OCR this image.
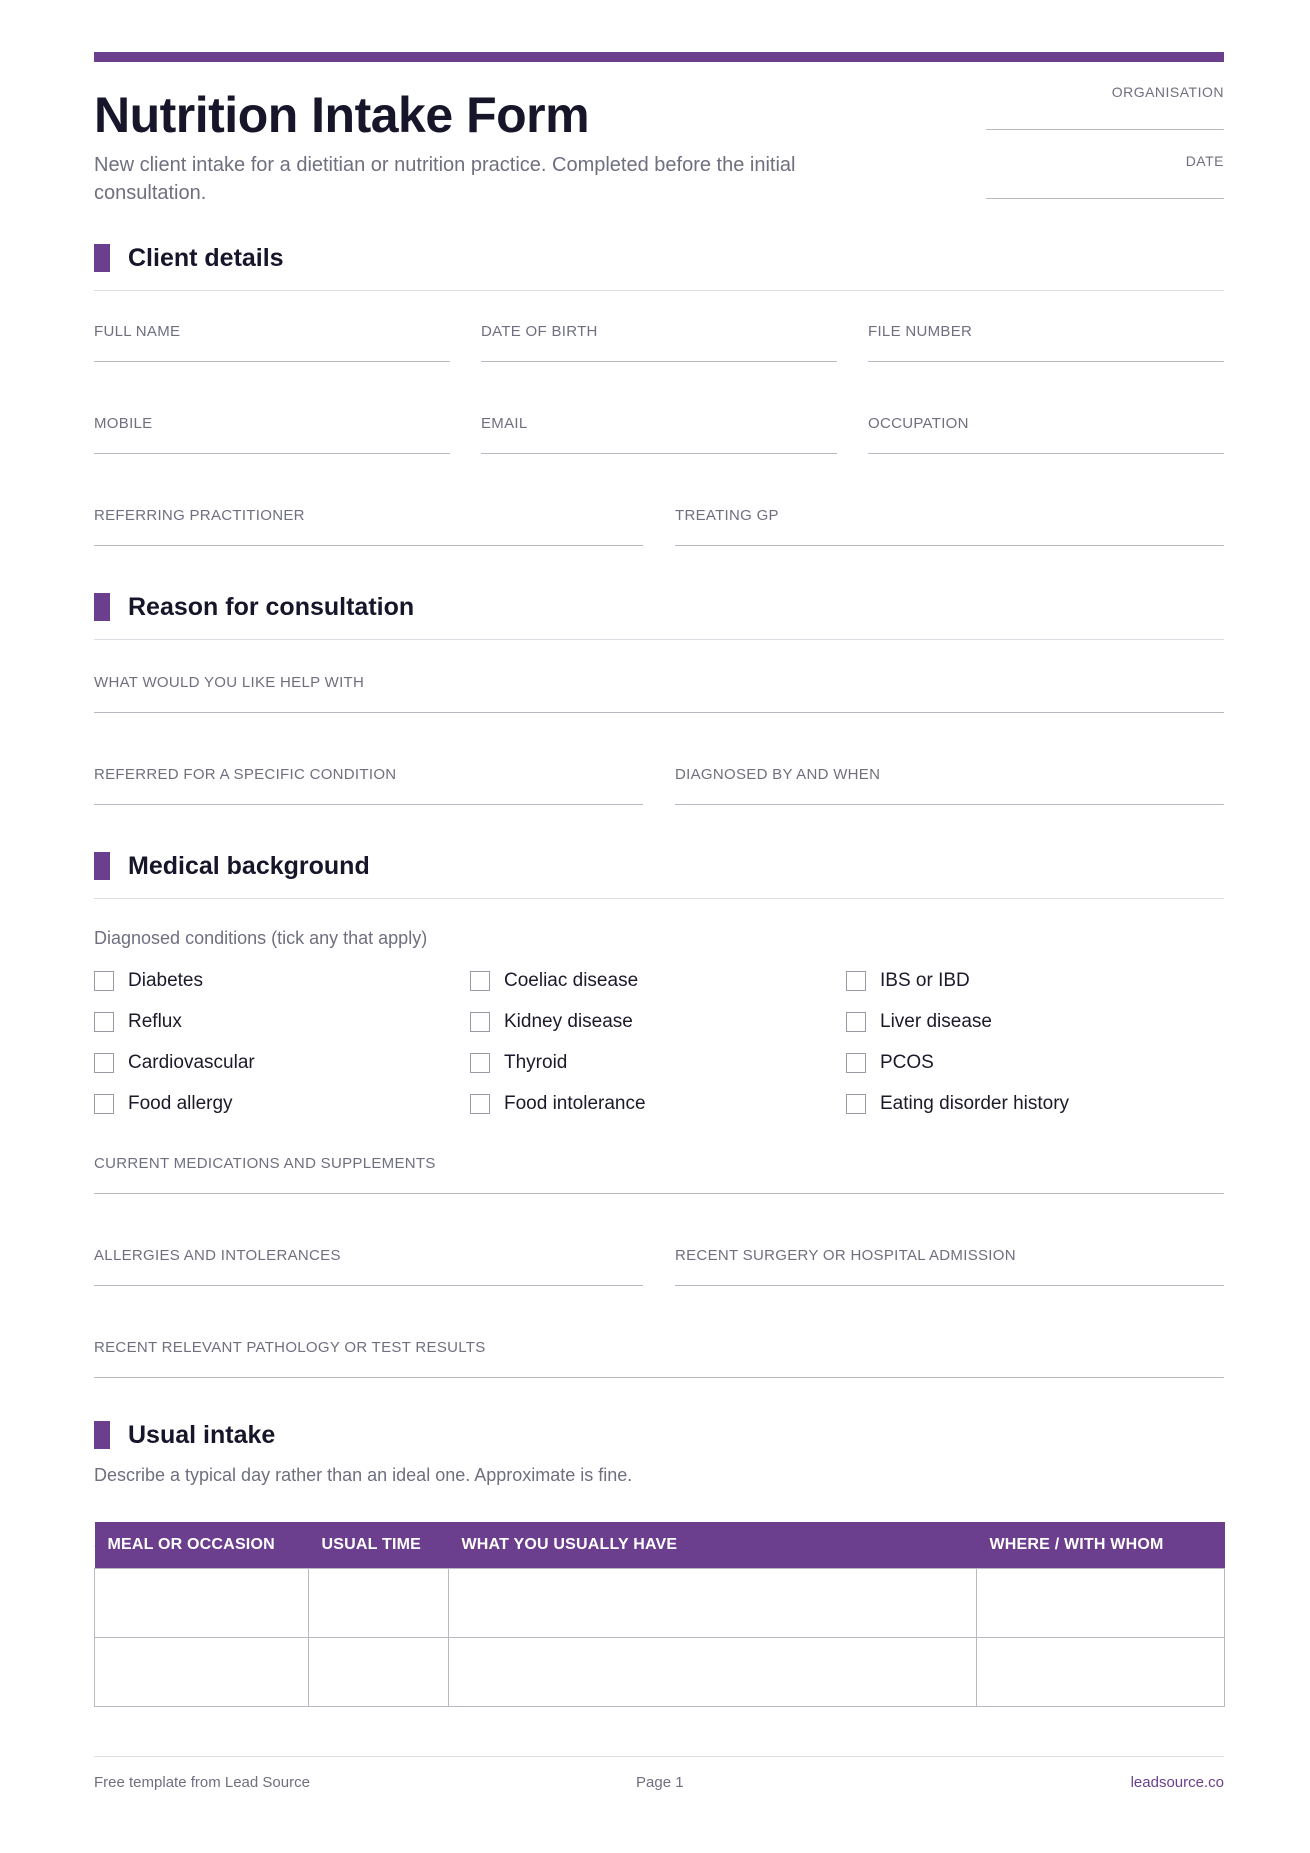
Nutrition Intake Form

New client intake for a dietitian or nutrition practice. Completed before the initial consultation.

ORGANISATION
DATE
Client details
FULL NAME	DATE OF BIRTH	FILE NUMBER
MOBILE	EMAIL	OCCUPATION
REFERRING PRACTITIONER	TREATING GP
Reason for consultation
WHAT WOULD YOU LIKE HELP WITH
REFERRED FOR A SPECIFIC CONDITION	DIAGNOSED BY AND WHEN
Medical background
Diagnosed conditions (tick any that apply)
Diabetes	Coeliac disease	IBS or IBD
Reflux	Kidney disease	Liver disease
Cardiovascular	Thyroid	PCOS
Food allergy	Food intolerance	Eating disorder history
CURRENT MEDICATIONS AND SUPPLEMENTS
ALLERGIES AND INTOLERANCES	RECENT SURGERY OR HOSPITAL ADMISSION
RECENT RELEVANT PATHOLOGY OR TEST RESULTS
Usual intake
Describe a typical day rather than an ideal one. Approximate is fine.
MEAL OR OCCASION	USUAL TIME	WHAT YOU USUALLY HAVE	WHERE / WITH WHOM

Free template from Lead Source	Page 1	leadsource.co
